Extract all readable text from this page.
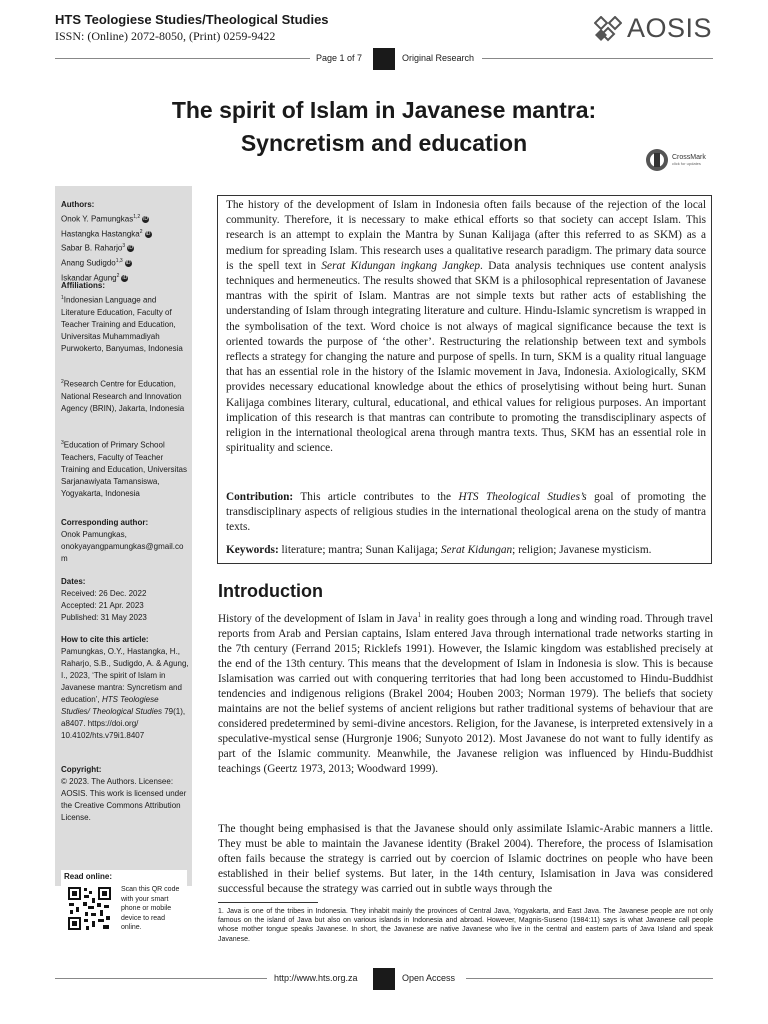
HTS Teologiese Studies/Theological Studies
ISSN: (Online) 2072-8050, (Print) 0259-9422	AOSIS
Page 1 of 7	Original Research
The spirit of Islam in Javanese mantra:
Syncretism and education
CrossMark
click for updates
Authors:
Onok Y. Pamungkas$^{1,2}$ iD
Hastangka Hastangka$^2$ iD
Sabar B. Raharjo$^3$ iD
Anang Sudigdo$^{1,3}$ iD
Iskandar Agung$^2$ iD
Affiliations:
$^1$Indonesian Language and Literature Education, Faculty of Teacher Training and Education, Universitas Muhammadiyah Purwokerto, Banyumas, Indonesia
$^2$Research Centre for Education, National Research and Innovation Agency (BRIN), Jakarta, Indonesia
$^3$Education of Primary School Teachers, Faculty of Teacher Training and Education, Universitas Sarjanawiyata Tamansiswa, Yogyakarta, Indonesia
Corresponding author:
Onok Pamungkas,
onokyayangpamungkas@gmail.com
Dates:
Received: 26 Dec. 2022
Accepted: 21 Apr. 2023
Published: 31 May 2023
How to cite this article:
Pamungkas, O.Y., Hastangka, H., Raharjo, S.B., Sudigdo, A. & Agung, I., 2023, ‘The spirit of Islam in Javanese mantra: Syncretism and education’, HTS Teologiese Studies/ Theological Studies 79(1), a8407. https://doi.org/ 10.4102/hts.v79i1.8407
Copyright:
© 2023. The Authors. Licensee: AOSIS. This work is licensed under the Creative Commons Attribution License.
Read online:
Scan this QR code with your smart phone or mobile device to read online.
The history of the development of Islam in Indonesia often fails because of the rejection of the local community. Therefore, it is necessary to make ethical efforts so that society can accept Islam. This research is an attempt to explain the Mantra by Sunan Kalijaga (after this referred to as SKM) as a medium for spreading Islam. This research uses a qualitative research paradigm. The primary data source is the spell text in Serat Kidungan ingkang Jangkep. Data analysis techniques use content analysis techniques and hermeneutics. The results showed that SKM is a philosophical representation of Javanese mantras with the spirit of Islam. Mantras are not simple texts but rather acts of establishing the understanding of Islam through integrating literature and culture. Hindu-Islamic syncretism is wrapped in the symbolisation of the text. Word choice is not always of magical significance because the text is oriented towards the purpose of ‘the other’. Restructuring the relationship between text and symbols reflects a strategy for changing the nature and purpose of spells. In turn, SKM is a quality ritual language that has an essential role in the history of the Islamic movement in Java, Indonesia. Axiologically, SKM provides necessary educational knowledge about the ethics of proselytising without being hurt. Sunan Kalijaga combines literary, cultural, educational, and ethical values for religious purposes. An important implication of this research is that mantras can contribute to promoting the transdisciplinary aspects of religion in the international theological arena through mantra texts. Thus, SKM has an essential role in spirituality and science.
Contribution: This article contributes to the HTS Theological Studies’s goal of promoting the transdisciplinary aspects of religious studies in the international theological arena on the study of mantra texts.
Keywords: literature; mantra; Sunan Kalijaga; Serat Kidungan; religion; Javanese mysticism.
Introduction
History of the development of Islam in Java$^1$ in reality goes through a long and winding road. Through travel reports from Arab and Persian captains, Islam entered Java through international trade networks starting in the 7th century (Ferrand 2015; Ricklefs 1991). However, the Islamic kingdom was established precisely at the end of the 13th century. This means that the development of Islam in Indonesia is slow. This is because Islamisation was carried out with conquering territories that had long been accustomed to Hindu-Buddhist tendencies and indigenous religions (Brakel 2004; Houben 2003; Norman 1979). The beliefs that society maintains are not the belief systems of ancient religions but rather traditional systems of behaviour that are considered predetermined by semi-divine ancestors. Religion, for the Javanese, is interpreted extensively in a speculative-mystical sense (Hurgronje 1906; Sunyoto 2012). Most Javanese do not want to fully identify as part of the Islamic community. Meanwhile, the Javanese religion was influenced by Hindu-Buddhist teachings (Geertz 1973, 2013; Woodward 1999).
The thought being emphasised is that the Javanese should only assimilate Islamic-Arabic manners a little. They must be able to maintain the Javanese identity (Brakel 2004). Therefore, the process of Islamisation often fails because the strategy is carried out by coercion of Islamic doctrines on people who have been established in their belief systems. But later, in the 14th century, Islamisation in Java was considered successful because the strategy was carried out in subtle ways through the
1. Java is one of the tribes in Indonesia. They inhabit mainly the provinces of Central Java, Yogyakarta, and East Java. The Javanese people are not only famous on the island of Java but also on various islands in Indonesia and abroad. However, Magnis-Suseno (1984:11) says is what Javanese call people whose mother tongue speaks Javanese. In short, the Javanese are native Javanese who live in the central and eastern parts of Java Island and speak Javanese.
http://www.hts.org.za	Open Access
